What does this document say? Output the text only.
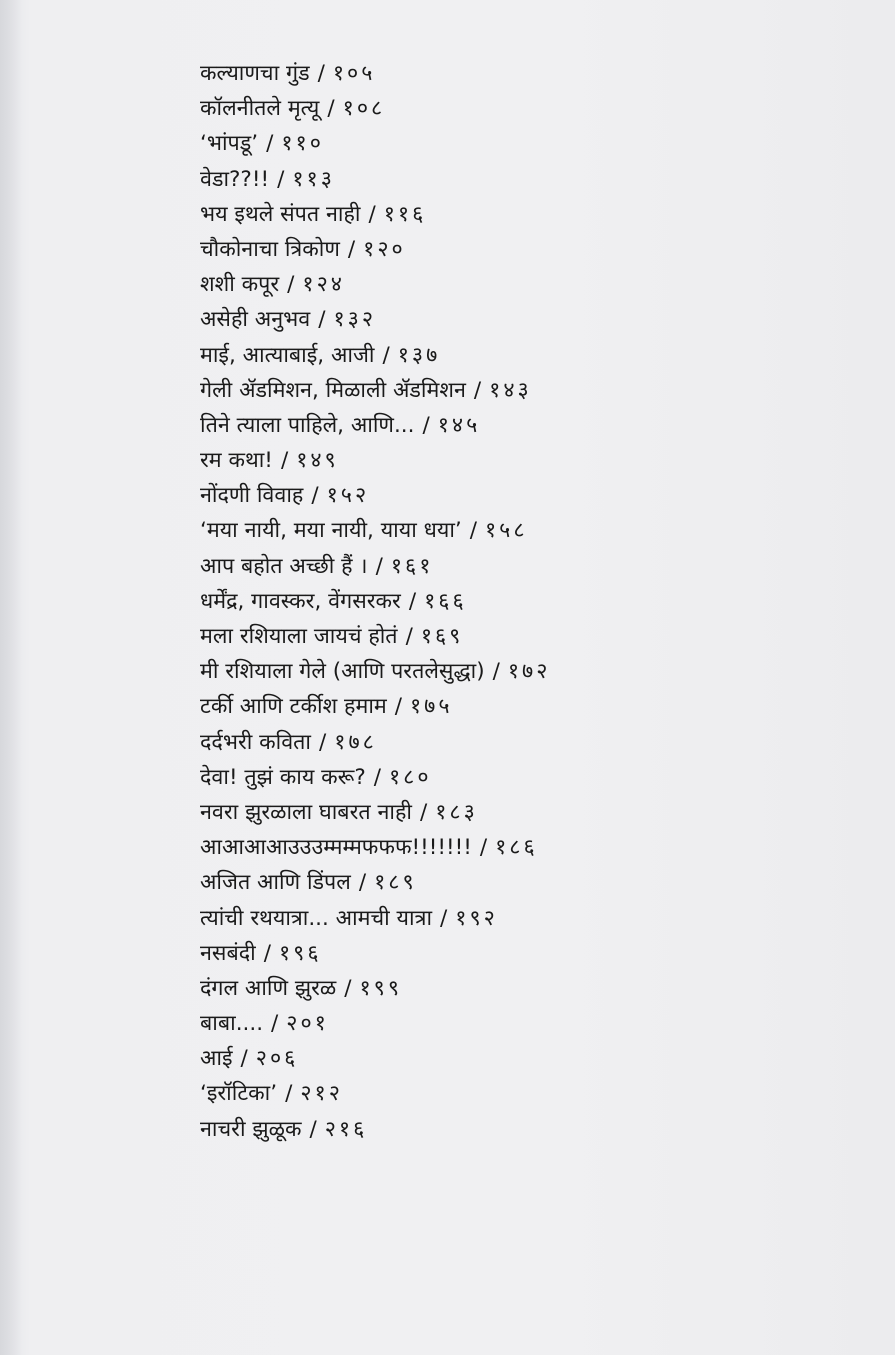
कल्याणचा गुंड / १०५
कॉलनीतले मृत्यू / १०८
‘भांपडू’ / ११०
वेडा??!! / ११३
भय इथले संपत नाही / ११६
चौकोनाचा त्रिकोण / १२०
शशी कपूर / १२४
असेही अनुभव / १३२
माई, आत्याबाई, आजी / १३७
गेली ॲडमिशन, मिळाली ॲडमिशन / १४३
तिने त्याला पाहिले, आणि... / १४५
रम कथा! / १४९
नोंदणी विवाह / १५२
‘मया नायी, मया नायी, याया धया’ / १५८
आप बहोत अच्छी हैं । / १६१
धर्मेंद्र, गावस्कर, वेंगसरकर / १६६
मला रशियाला जायचं होतं / १६९
मी रशियाला गेले (आणि परतलेसुद्धा) / १७२
टर्की आणि टर्कीश हमाम / १७५
दर्दभरी कविता / १७८
देवा! तुझं काय करू? / १८०
नवरा झुरळाला घाबरत नाही / १८३
आआआआउउउम्मम्मफफफ!!!!!!! / १८६
अजित आणि डिंपल / १८९
त्यांची रथयात्रा... आमची यात्रा / १९२
नसबंदी / १९६
दंगल आणि झुरळ / १९९
बाबा.... / २०१
आई / २०६
‘इरॉटिका’ / २१२
नाचरी झुळूक / २१६
